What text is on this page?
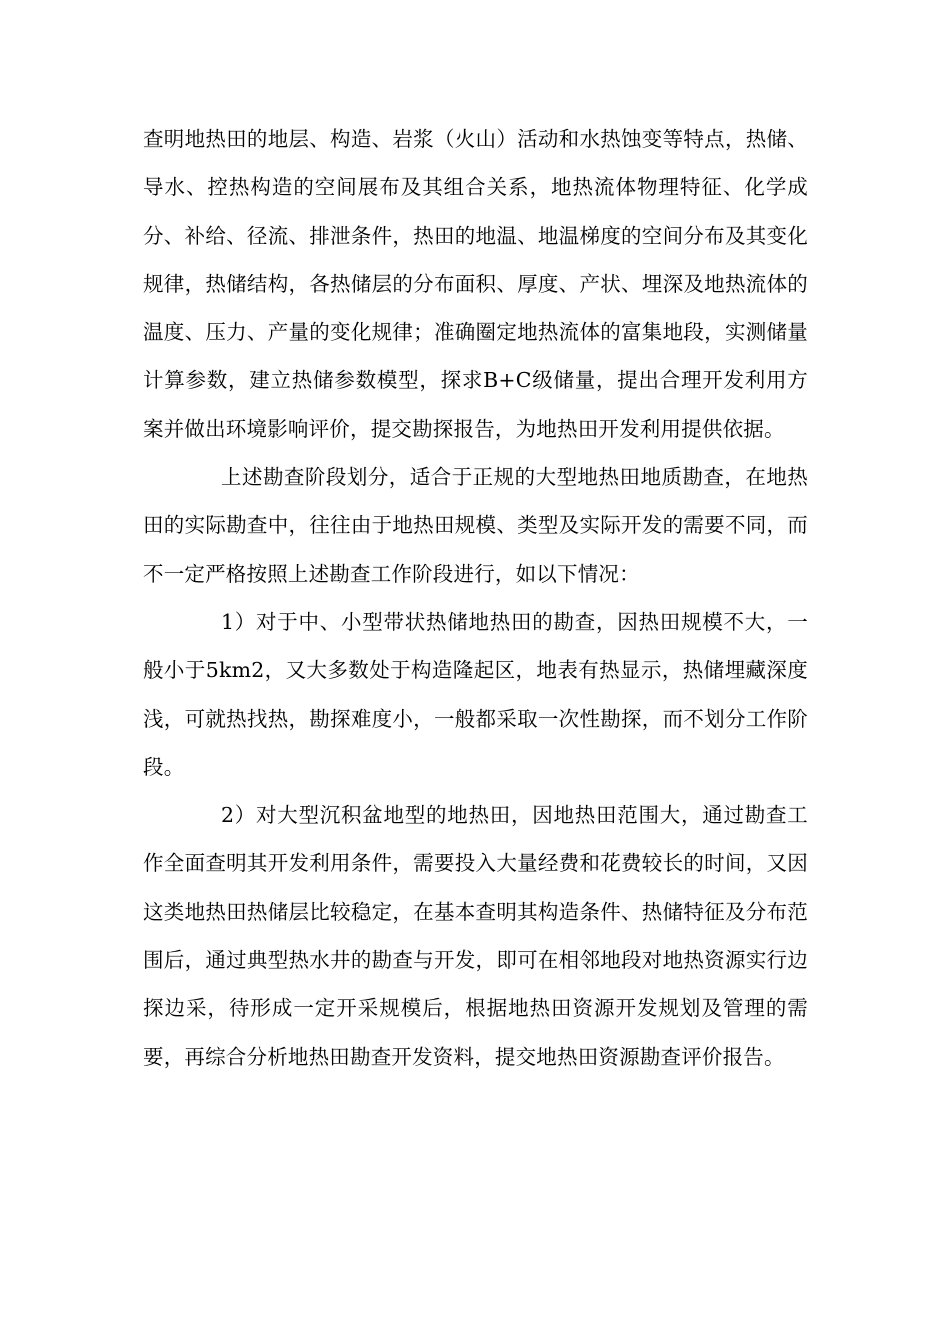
查明地热田的地层、构造、岩浆（火山）活动和水热蚀变等特点，热储、导水、控热构造的空间展布及其组合关系，地热流体物理特征、化学成分、补给、径流、排泄条件，热田的地温、地温梯度的空间分布及其变化规律，热储结构，各热储层的分布面积、厚度、产状、埋深及地热流体的温度、压力、产量的变化规律；准确圈定地热流体的富集地段，实测储量计算参数，建立热储参数模型，探求B+C级储量，提出合理开发利用方案并做出环境影响评价，提交勘探报告，为地热田开发利用提供依据。

上述勘查阶段划分，适合于正规的大型地热田地质勘查，在地热田的实际勘查中，往往由于地热田规模、类型及实际开发的需要不同，而不一定严格按照上述勘查工作阶段进行，如以下情况：

1）对于中、小型带状热储地热田的勘查，因热田规模不大，一般小于5km2，又大多数处于构造隆起区，地表有热显示，热储埋藏深度浅，可就热找热，勘探难度小，一般都采取一次性勘探，而不划分工作阶段。

2）对大型沉积盆地型的地热田，因地热田范围大，通过勘查工作全面查明其开发利用条件，需要投入大量经费和花费较长的时间，又因这类地热田热储层比较稳定，在基本查明其构造条件、热储特征及分布范围后，通过典型热水井的勘查与开发，即可在相邻地段对地热资源实行边探边采，待形成一定开采规模后，根据地热田资源开发规划及管理的需要，再综合分析地热田勘查开发资料，提交地热田资源勘查评价报告。
